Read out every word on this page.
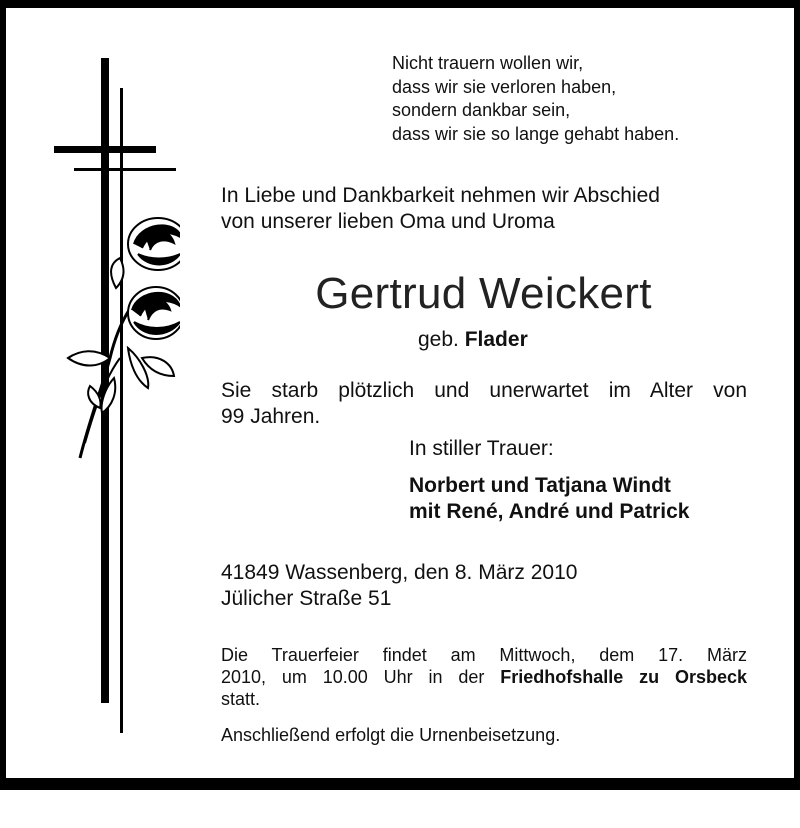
Nicht trauern wollen wir,
dass wir sie verloren haben,
sondern dankbar sein,
dass wir sie so lange gehabt haben.
In Liebe und Dankbarkeit nehmen wir Abschied
von unserer lieben Oma und Uroma
Gertrud Weickert
geb. Flader
Sie starb plötzlich und unerwartet im Alter von
99 Jahren.
In stiller Trauer:
Norbert und Tatjana Windt
mit René, André und Patrick
41849 Wassenberg, den 8. März 2010
Jülicher Straße 51
Die Trauerfeier findet am Mittwoch, dem 17. März
2010, um 10.00 Uhr in der Friedhofshalle zu Orsbeck
statt.
Anschließend erfolgt die Urnenbeisetzung.
